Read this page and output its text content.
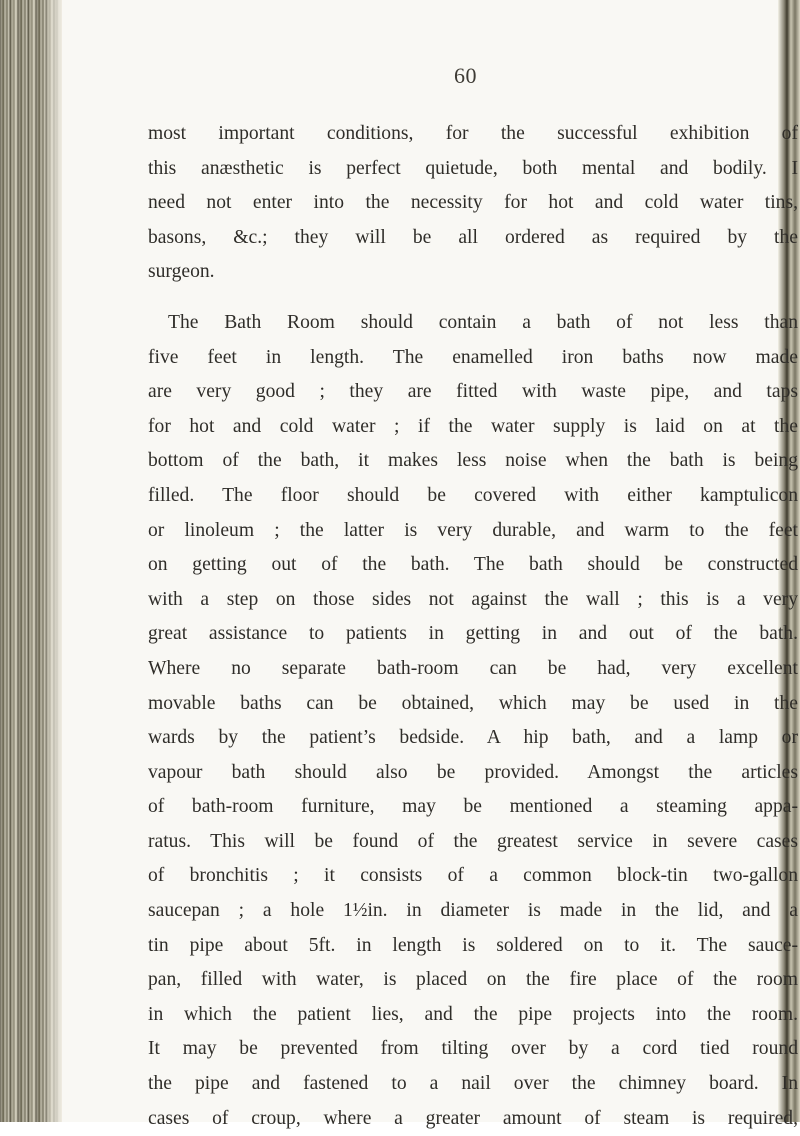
60
most important conditions, for the successful exhibition of
this anæsthetic is perfect quietude, both mental and bodily. I
need not enter into the necessity for hot and cold water tins,
basons, &c.; they will be all ordered as required by the
surgeon.
The Bath Room should contain a bath of not less than
five feet in length. The enamelled iron baths now made
are very good ; they are fitted with waste pipe, and taps
for hot and cold water ; if the water supply is laid on at the
bottom of the bath, it makes less noise when the bath is being
filled. The floor should be covered with either kamptulicon
or linoleum ; the latter is very durable, and warm to the feet
on getting out of the bath. The bath should be constructed
with a step on those sides not against the wall ; this is a very
great assistance to patients in getting in and out of the bath.
Where no separate bath-room can be had, very excellent
movable baths can be obtained, which may be used in the
wards by the patient’s bedside. A hip bath, and a lamp or
vapour bath should also be provided. Amongst the articles
of bath-room furniture, may be mentioned a steaming appa-
ratus. This will be found of the greatest service in severe cases
of bronchitis ; it consists of a common block-tin two-gallon
saucepan ; a hole 1½in. in diameter is made in the lid, and a
tin pipe about 5ft. in length is soldered on to it. The sauce-
pan, filled with water, is placed on the fire place of the room
in which the patient lies, and the pipe projects into the room.
It may be prevented from tilting over by a cord tied round
the pipe and fastened to a nail over the chimney board. In
cases of croup, where a greater amount of steam is required,
